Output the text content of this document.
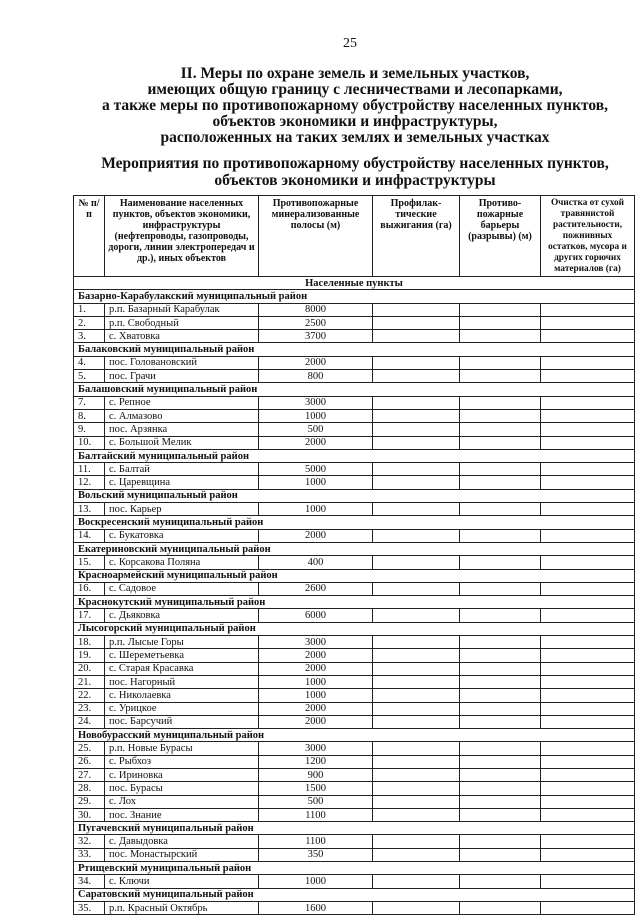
25
II. Меры по охране земель и земельных участков,
имеющих общую границу с лесничествами и лесопарками,
а также меры по противопожарному обустройству населенных пунктов,
объектов экономики и инфраструктуры,
расположенных на таких землях и земельных участках
Мероприятия по противопожарному обустройству населенных пунктов,
объектов экономики и инфраструктуры
№ п/п	Наименование населенных пунктов, объектов экономики, инфраструктуры (нефтепроводы, газопроводы, дороги, линии электропередач и др.), иных объектов	Противопожарные минерализованные полосы (м)	Профилак-тические выжигания (га)	Противо-пожарные барьеры (разрывы) (м)	Очистка от сухой травянистой растительности, пожнивных остатков, мусора и других горючих материалов (га)
Населенные пункты					
Базарно-Карабулакский муниципальный район					
1.	р.п. Базарный Карабулак	8000			
2.	р.п. Свободный	2500			
3.	с. Хватовка	3700			
Балаковский муниципальный район					
4.	пос. Голованoвский	2000			
5.	пос. Грачи	800			
Балашовский муниципальный район					
7.	с. Репное	3000			
8.	с. Алмазово	1000			
9.	пос. Арзянка	500			
10.	с. Большой Мелик	2000			
Балтайский муниципальный район					
11.	с. Балтай	5000			
12.	с. Царевщина	1000			
Вольский муниципальный район					
13.	пос. Карьер	1000			
Воскресенский муниципальный район					
14.	с. Букатовка	2000			
Екатериновский муниципальный район					
15.	с. Корсакова Поляна	400			
Красноармейский муниципальный район					
16.	с. Садовое	2600			
Краснокутский муниципальный район					
17.	с. Дьяковка	6000			
Лысогорский муниципальный район					
18.	р.п. Лысые Горы	3000			
19.	с. Шереметьевка	2000			
20.	с. Старая Красавка	2000			
21.	пос. Нагорный	1000			
22.	с. Николаевка	1000			
23.	с. Урицкое	2000			
24.	пос. Барсучий	2000			
Новобурасский муниципальный район					
25.	р.п. Новые Бурасы	3000			
26.	с. Рыбхоз	1200			
27.	с. Ириновка	900			
28.	пос. Бурасы	1500			
29.	с. Лох	500			
30.	пос. Знание	1100			
Пугачевский муниципальный район					
32.	с. Давыдовка	1100			
33.	пос. Монастырский	350			
Ртищевский муниципальный район					
34.	с. Ключи	1000			
Саратовский муниципальный район					
35.	р.п. Красный Октябрь	1600			
